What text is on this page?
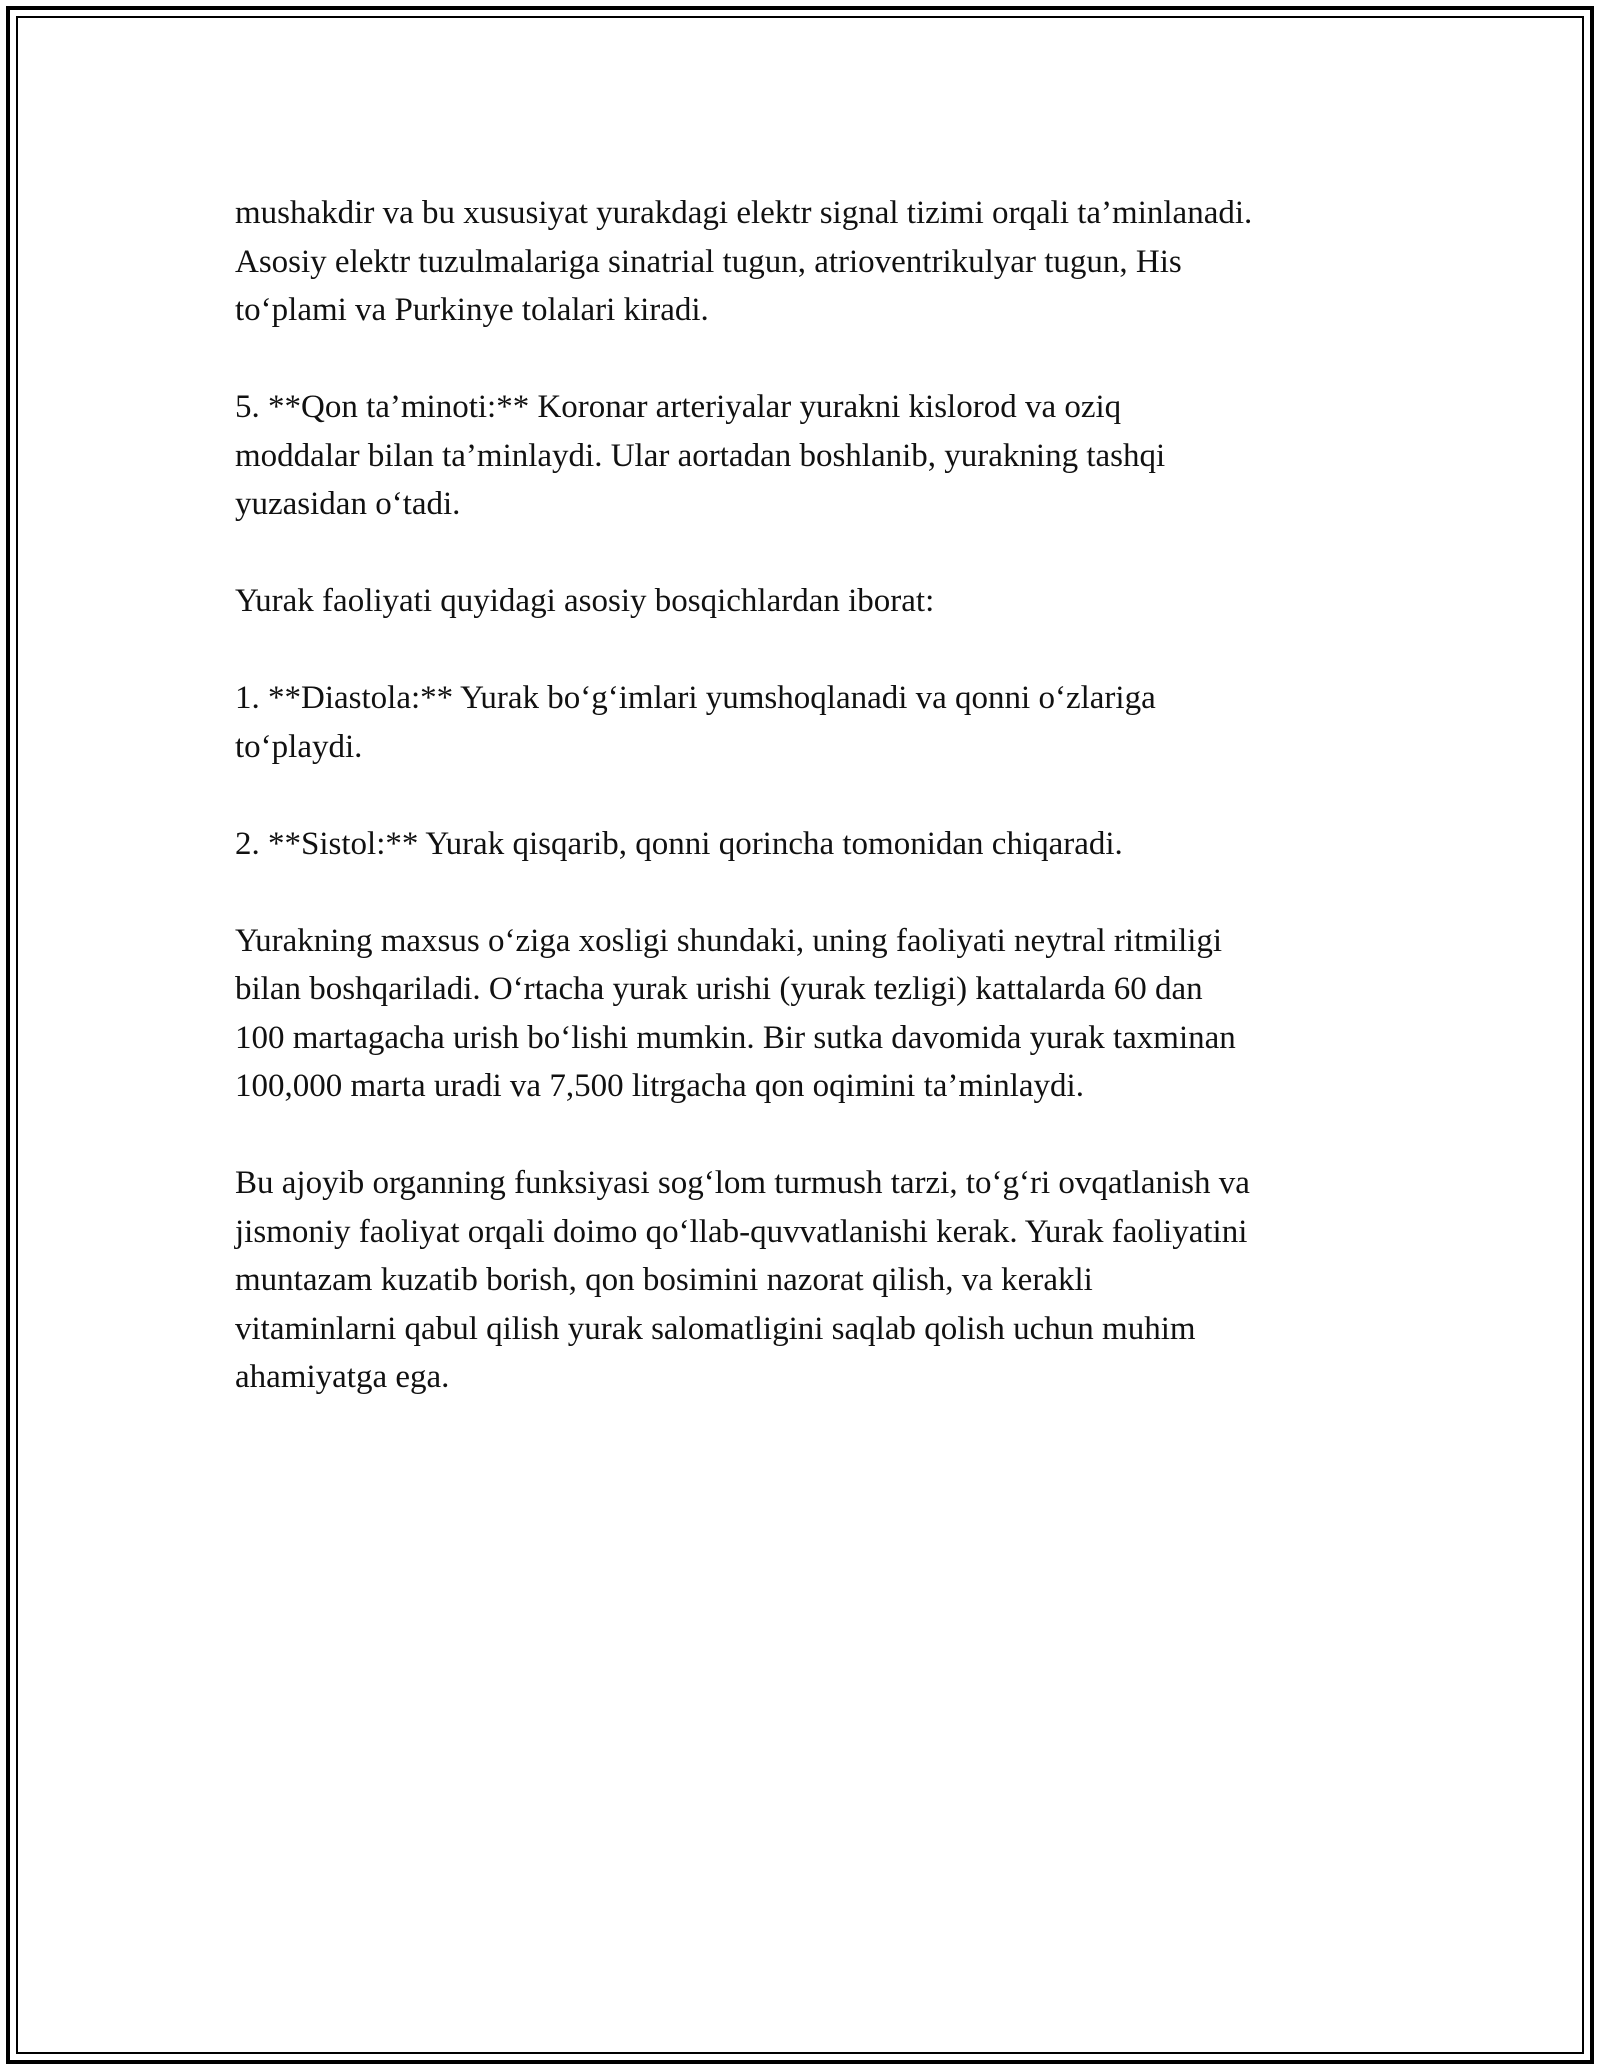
mushakdir va bu xususiyat yurakdagi elektr signal tizimi orqali ta’minlanadi.
Asosiy elektr tuzulmalariga sinatrial tugun, atrioventrikulyar tugun, His
to‘plami va Purkinye tolalari kiradi.

5. **Qon ta’minoti:** Koronar arteriyalar yurakni kislorod va oziq
moddalar bilan ta’minlaydi. Ular aortadan boshlanib, yurakning tashqi
yuzasidan o‘tadi.

Yurak faoliyati quyidagi asosiy bosqichlardan iborat:

1. **Diastola:** Yurak bo‘g‘imlari yumshoqlanadi va qonni o‘zlariga
to‘playdi.

2. **Sistol:** Yurak qisqarib, qonni qorincha tomonidan chiqaradi.

Yurakning maxsus o‘ziga xosligi shundaki, uning faoliyati neytral ritmiligi
bilan boshqariladi. O‘rtacha yurak urishi (yurak tezligi) kattalarda 60 dan
100 martagacha urish bo‘lishi mumkin. Bir sutka davomida yurak taxminan
100,000 marta uradi va 7,500 litrgacha qon oqimini ta’minlaydi.

Bu ajoyib organning funksiyasi sog‘lom turmush tarzi, to‘g‘ri ovqatlanish va
jismoniy faoliyat orqali doimo qo‘llab-quvvatlanishi kerak. Yurak faoliyatini
muntazam kuzatib borish, qon bosimini nazorat qilish, va kerakli
vitaminlarni qabul qilish yurak salomatligini saqlab qolish uchun muhim
ahamiyatga ega.
